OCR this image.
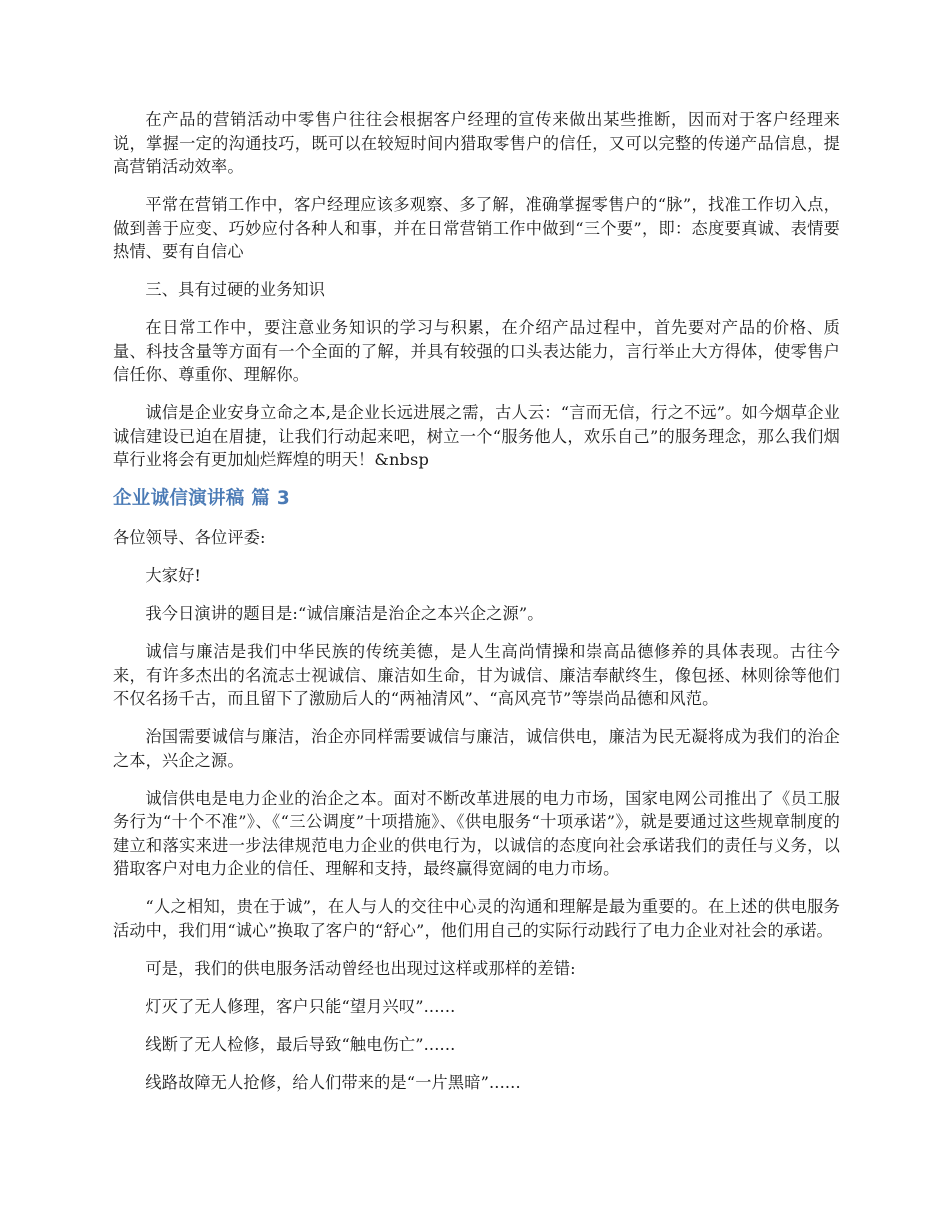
在产品的营销活动中零售户往往会根据客户经理的宣传来做出某些推断，因而对于客户经理来说，掌握一定的沟通技巧，既可以在较短时间内猎取零售户的信任，又可以完整的传递产品信息，提高营销活动效率。

平常在营销工作中，客户经理应该多观察、多了解，准确掌握零售户的“脉”，找准工作切入点，做到善于应变、巧妙应付各种人和事，并在日常营销工作中做到“三个要”，即：态度要真诚、表情要热情、要有自信心

三、具有过硬的业务知识

在日常工作中，要注意业务知识的学习与积累，在介绍产品过程中，首先要对产品的价格、质量、科技含量等方面有一个全面的了解，并具有较强的口头表达能力，言行举止大方得体，使零售户信任你、尊重你、理解你。

诚信是企业安身立命之本,是企业长远进展之需，古人云：“言而无信，行之不远”。如今烟草企业诚信建设已迫在眉捷，让我们行动起来吧，树立一个“服务他人，欢乐自己”的服务理念，那么我们烟草行业将会有更加灿烂辉煌的明天！&nbsp

企业诚信演讲稿 篇 3

各位领导、各位评委:

大家好!

我今日演讲的题目是:“诚信廉洁是治企之本兴企之源”。

诚信与廉洁是我们中华民族的传统美德，是人生高尚情操和崇高品德修养的具体表现。古往今来，有许多杰出的名流志士视诚信、廉洁如生命，甘为诚信、廉洁奉献终生，像包拯、林则徐等他们不仅名扬千古，而且留下了激励后人的“两袖清风”、“高风亮节”等崇尚品德和风范。

治国需要诚信与廉洁，治企亦同样需要诚信与廉洁，诚信供电，廉洁为民无凝将成为我们的治企之本，兴企之源。

诚信供电是电力企业的治企之本。面对不断改革进展的电力市场，国家电网公司推出了《员工服务行为“十个不准”》、《“三公调度”十项措施》、《供电服务“十项承诺”》，就是要通过这些规章制度的建立和落实来进一步法律规范电力企业的供电行为，以诚信的态度向社会承诺我们的责任与义务，以猎取客户对电力企业的信任、理解和支持，最终赢得宽阔的电力市场。

“人之相知，贵在于诚”，在人与人的交往中心灵的沟通和理解是最为重要的。在上述的供电服务活动中，我们用“诚心”换取了客户的“舒心”，他们用自己的实际行动践行了电力企业对社会的承诺。

可是，我们的供电服务活动曾经也出现过这样或那样的差错:

灯灭了无人修理，客户只能“望月兴叹”......

线断了无人检修，最后导致“触电伤亡”......

线路故障无人抢修，给人们带来的是“一片黑暗”......
